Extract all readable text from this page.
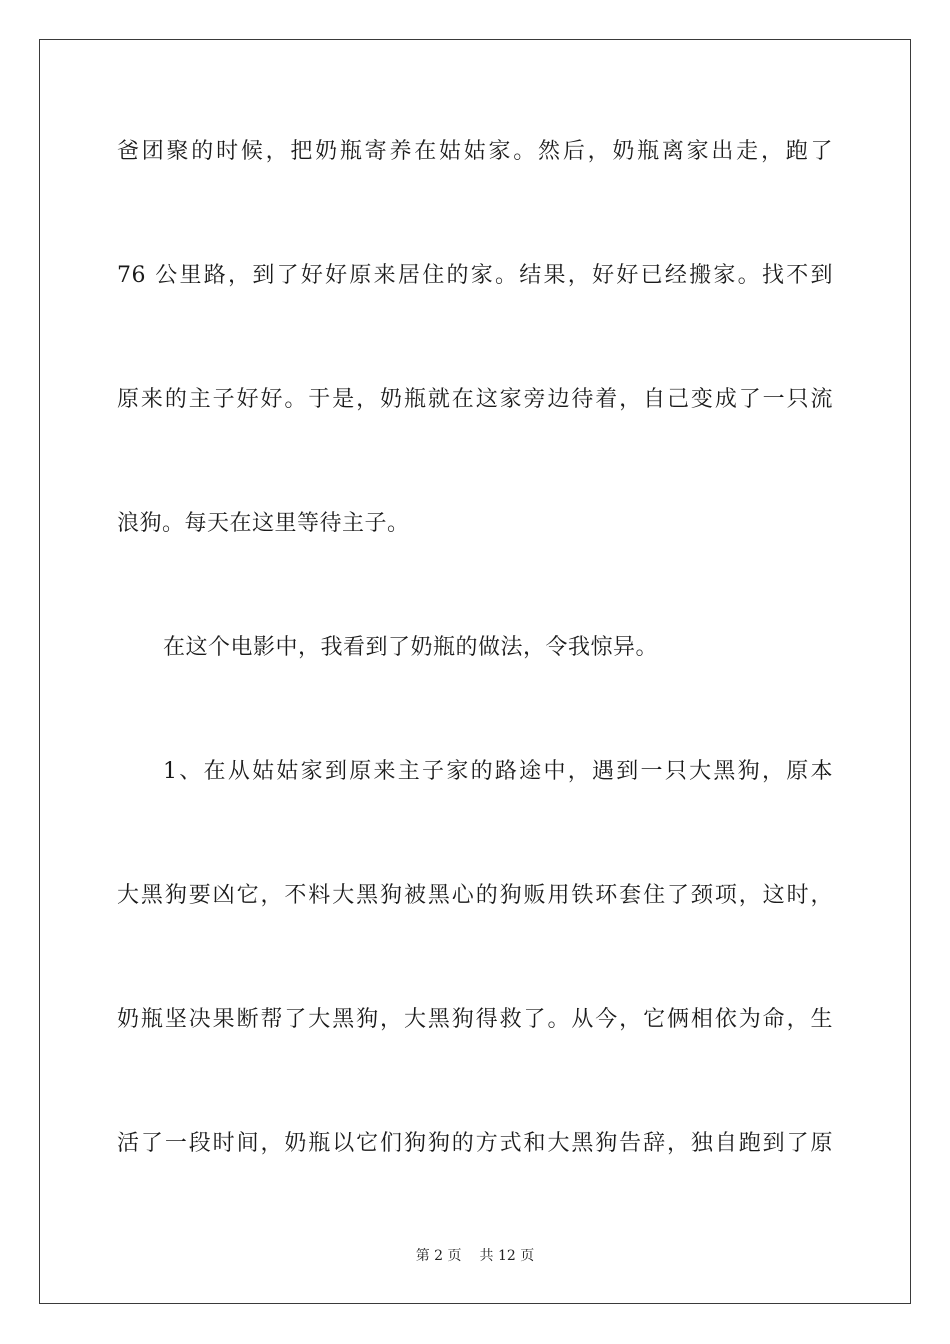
爸团聚的时候，把奶瓶寄养在姑姑家。然后，奶瓶离家出走，跑了
76 公里路，到了好好原来居住的家。结果，好好已经搬家。找不到
原来的主子好好。于是，奶瓶就在这家旁边待着，自己变成了一只流
浪狗。每天在这里等待主子。
在这个电影中，我看到了奶瓶的做法，令我惊异。
1、在从姑姑家到原来主子家的路途中，遇到一只大黑狗，原本
大黑狗要凶它，不料大黑狗被黑心的狗贩用铁环套住了颈项，这时，
奶瓶坚决果断帮了大黑狗，大黑狗得救了。从今，它俩相依为命，生
活了一段时间，奶瓶以它们狗狗的方式和大黑狗告辞，独自跑到了原
第 2 页 共 12 页
